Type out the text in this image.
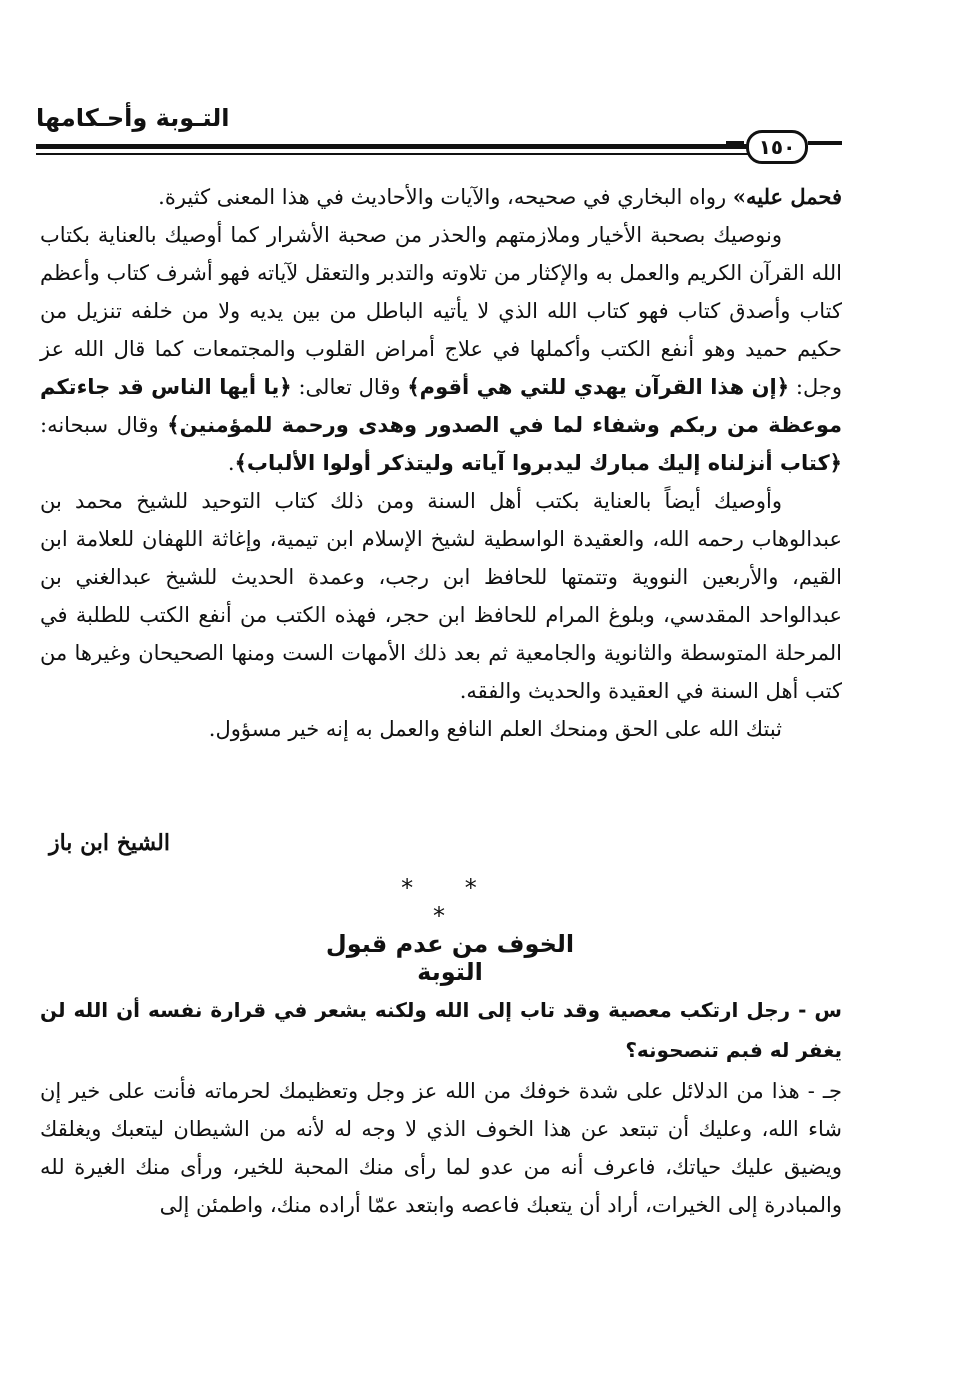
التـوبة وأحـكامها
١٥٠

فحمل عليه» رواه البخاري في صحيحه، والآيات والأحاديث في هذا المعنى كثيرة.

ونوصيك بصحبة الأخيار وملازمتهم والحذر من صحبة الأشرار كما أوصيك بالعناية بكتاب الله القرآن الكريم والعمل به والإكثار من تلاوته والتدبر والتعقل لآياته فهو أشرف كتاب وأعظم كتاب وأصدق كتاب فهو كتاب الله الذي لا يأتيه الباطل من بين يديه ولا من خلفه تنزيل من حكيم حميد وهو أنفع الكتب وأكملها في علاج أمراض القلوب والمجتمعات كما قال الله عز وجل: ﴿إن هذا القرآن يهدي للتي هي أقوم﴾ وقال تعالى: ﴿يا أيها الناس قد جاءتكم موعظة من ربكم وشفاء لما في الصدور وهدى ورحمة للمؤمنين﴾ وقال سبحانه: ﴿كتاب أنزلناه إليك مبارك ليدبروا آياته وليتذكر أولوا الألباب﴾.

وأوصيك أيضاً بالعناية بكتب أهل السنة ومن ذلك كتاب التوحيد للشيخ محمد بن عبدالوهاب رحمه الله، والعقيدة الواسطية لشيخ الإسلام ابن تيمية، وإغاثة اللهفان للعلامة ابن القيم، والأربعين النووية وتتمتها للحافظ ابن رجب، وعمدة الحديث للشيخ عبدالغني بن عبدالواحد المقدسي، وبلوغ المرام للحافظ ابن حجر، فهذه الكتب من أنفع الكتب للطلبة في المرحلة المتوسطة والثانوية والجامعية ثم بعد ذلك الأمهات الست ومنها الصحيحان وغيرها من كتب أهل السنة في العقيدة والحديث والفقه.

ثبتك الله على الحق ومنحك العلم النافع والعمل به إنه خير مسؤول.

الشيخ ابن باز
* * *
الخوف من عدم قبول التوبة
س - رجل ارتكب معصية وقد تاب إلى الله ولكنه يشعر في قرارة نفسه أن الله لن يغفر له فبم تنصحونه؟
جـ - هذا من الدلائل على شدة خوفك من الله عز وجل وتعظيمك لحرماته فأنت على خير إن شاء الله، وعليك أن تبتعد عن هذا الخوف الذي لا وجه له لأنه من الشيطان ليتعبك ويغلقك ويضيق عليك حياتك، فاعرف أنه من عدو لما رأى منك المحبة للخير، ورأى منك الغيرة لله والمبادرة إلى الخيرات، أراد أن يتعبك فاعصه وابتعد عمّا أراده منك، واطمئن إلى
